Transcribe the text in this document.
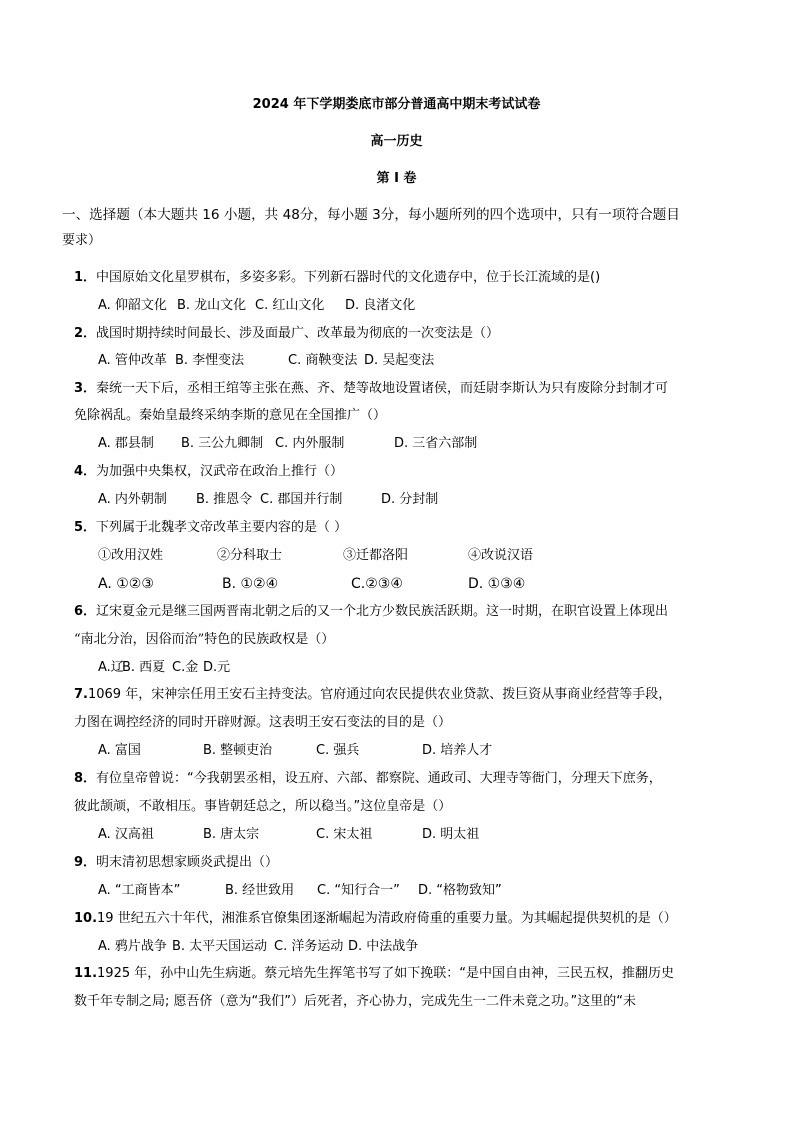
2024 年下学期娄底市部分普通高中期末考试试卷
高一历史
第 I 卷
一、选择题（本大题共 16 小题，共 48分，每小题 3分，每小题所列的四个选项中，只有一项符合题目
要求）
1．中国原始文化星罗棋布，多姿多彩。下列新石器时代的文化遗存中，位于长江流域的是()
A. 仰韶文化 B. 龙山文化 C. 红山文化 D. 良渚文化
2．战国时期持续时间最长、涉及面最广、改革最为彻底的一次变法是（）
A. 管仲改革 B. 李悝变法	C. 商鞅变法 D. 吴起变法
3．秦统一天下后，丞相王绾等主张在燕、齐、楚等故地设置诸侯，而廷尉李斯认为只有废除分封制才可
免除祸乱。秦始皇最终采纳李斯的意见在全国推广（）
A. 郡县制 B. 三公九卿制 C. 内外服制	D. 三省六部制
4．为加强中央集权，汉武帝在政治上推行（）
A. 内外朝制 B. 推恩令 C. 郡国并行制	D. 分封制
5．下列属于北魏孝文帝改革主要内容的是（ ）
①改用汉姓	②分科取士	③迁都洛阳	④改说汉语
A. ①②③	B. ①②④	C.②③④	D. ①③④
6．辽宋夏金元是继三国两晋南北朝之后的又一个北方少数民族活跃期。这一时期，在职官设置上体现出
“南北分治，因俗而治”特色的民族政权是（）
A.辽
B. 西夏 C.金 D.元
7.1069 年，宋神宗任用王安石主持变法。官府通过向农民提供农业贷款、拨巨资从事商业经营等手段，
力图在调控经济的同时开辟财源。这表明王安石变法的目的是（）
A. 富国	B. 整顿吏治	C. 强兵	D. 培养人才
8．有位皇帝曾说：“今我朝罢丞相，设五府、六部、都察院、通政司、大理寺等衙门，分理天下庶务，
彼此颉颃，不敢相压。事皆朝廷总之，所以稳当。”这位皇帝是（）
A. 汉高祖	B. 唐太宗	C. 宋太祖	D. 明太祖
9．明末清初思想家顾炎武提出（）
A. “工商皆本”	B. 经世致用 C. “知行合一” D. “格物致知”
10.19 世纪五六十年代，湘淮系官僚集团逐渐崛起为清政府倚重的重要力量。为其崛起提供契机的是（）
A. 鸦片战争 B. 太平天国运动 C. 洋务运动 D. 中法战争
11.1925 年，孙中山先生病逝。蔡元培先生挥笔书写了如下挽联：“是中国自由神，三民五权，推翻历史
数千年专制之局; 愿吾侪（意为“我们”）后死者，齐心协力，完成先生一二件未竟之功。”这里的“未
